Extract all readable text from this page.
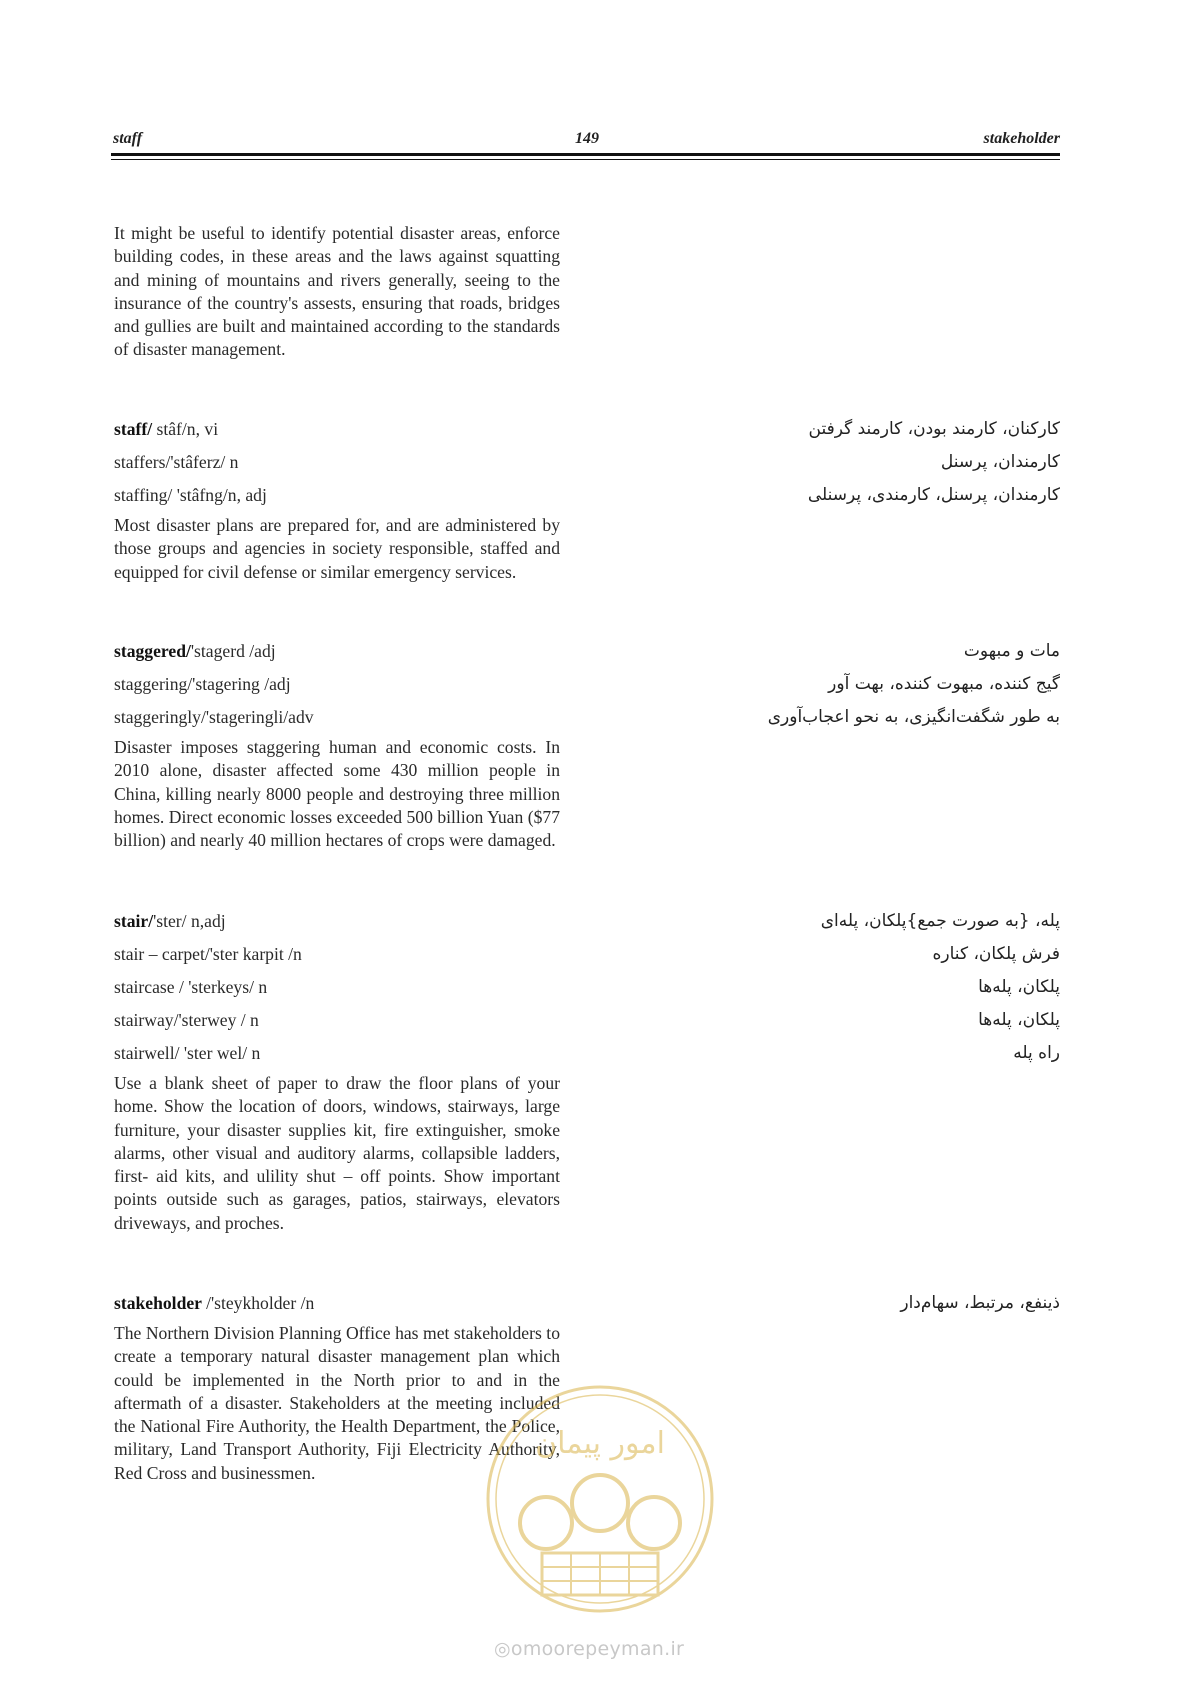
staff	149	stakeholder
It might be useful to identify potential disaster areas, enforce building codes, in these areas and the laws against squatting and mining of mountains and rivers generally, seeing to the insurance of the country's assests, ensuring that roads, bridges and gullies are built and maintained according to the standards of disaster management.
staff/ stâf/n, vi	کارکنان، کارمند بودن، کارمند گرفتن
staffers/'stâferz/ n	کارمندان، پرسنل
staffing/ 'stâfng/n, adj	کارمندان، پرسنل، کارمندی، پرسنلی
Most disaster plans are prepared for, and are administered by those groups and agencies in society responsible, staffed and equipped for civil defense or similar emergency services.
staggered/'stagerd /adj	مات و مبهوت
staggering/'stagering /adj	گیج کننده، مبهوت کننده، بهت آور
staggeringly/'stageringli/adv	به طور شگفت‌انگیزی، به نحو اعجاب‌آوری
Disaster imposes staggering human and economic costs. In 2010 alone, disaster affected some 430 million people in China, killing nearly 8000 people and destroying three million homes. Direct economic losses exceeded 500 billion Yuan ($77 billion) and nearly 40 million hectares of crops were damaged.
stair/'ster/ n,adj	پله، {به صورت جمع}پلکان، پله‌ای
stair – carpet/'ster karpit /n	فرش پلکان، کناره
staircase / 'sterkeys/ n	پلکان، پله‌ها
stairway/'sterwey / n	پلکان، پله‌ها
stairwell/ 'ster wel/ n	راه پله
Use a blank sheet of paper to draw the floor plans of your home. Show the location of doors, windows, stairways, large furniture, your disaster supplies kit, fire extinguisher, smoke alarms, other visual and auditory alarms, collapsible ladders, first- aid kits, and ulility shut – off points. Show important points outside such as garages, patios, stairways, elevators driveways, and proches.
stakeholder /'steykholder /n	ذینفع، مرتبط، سهام‌دار
The Northern Division Planning Office has met stakeholders to create a temporary natural disaster management plan which could be implemented in the North prior to and in the aftermath of a disaster. Stakeholders at the meeting included the National Fire Authority, the Health Department, the Police, military, Land Transport Authority, Fiji Electricity Authority, Red Cross and businessmen.
امور پیمان
◎omoorepeyman.ir
